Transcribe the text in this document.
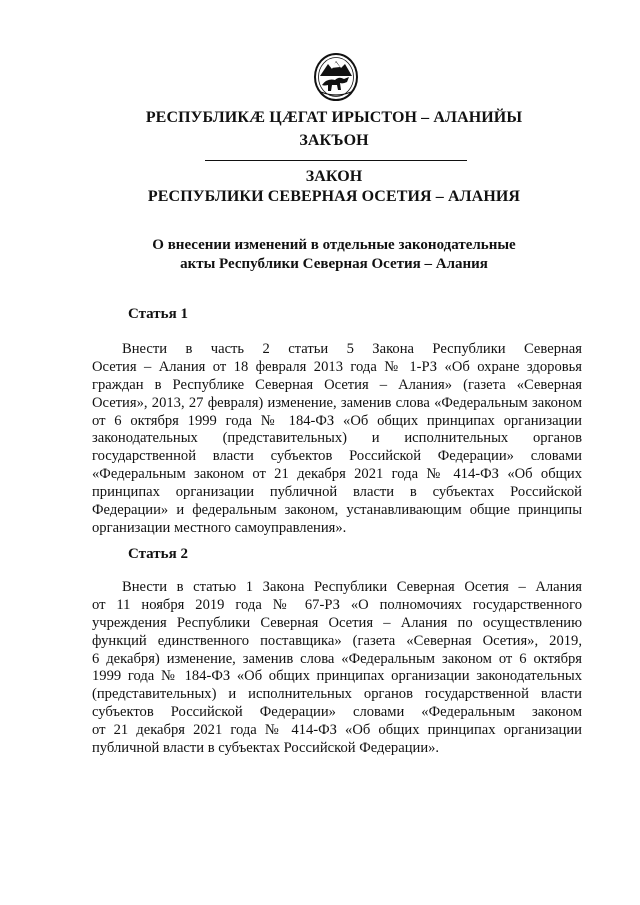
РЕСПУБЛИКӔ ЦӔГАТ ИРЫСТОН – АЛАНИЙЫ
ЗАКЪОН
ЗАКОН
РЕСПУБЛИКИ СЕВЕРНАЯ ОСЕТИЯ – АЛАНИЯ
О внесении изменений в отдельные законодательные
акты Республики Северная Осетия – Алания
Статья 1
Внести в часть 2 статьи 5 Закона Республики Северная
Осетия – Алания от 18 февраля 2013 года № 1-РЗ «Об охране здоровья
граждан в Республике Северная Осетия – Алания» (газета «Северная
Осетия», 2013, 27 февраля) изменение, заменив слова «Федеральным законом
от 6 октября 1999 года № 184-ФЗ «Об общих принципах организации
законодательных (представительных) и исполнительных органов
государственной власти субъектов Российской Федерации» словами
«Федеральным законом от 21 декабря 2021 года № 414-ФЗ «Об общих
принципах организации публичной власти в субъектах Российской
Федерации» и федеральным законом, устанавливающим общие принципы
организации местного самоуправления».
Статья 2
Внести в статью 1 Закона Республики Северная Осетия – Алания
от 11 ноября 2019 года № 67-РЗ «О полномочиях государственного
учреждения Республики Северная Осетия – Алания по осуществлению
функций единственного поставщика» (газета «Северная Осетия», 2019,
6 декабря) изменение, заменив слова «Федеральным законом от 6 октября
1999 года № 184-ФЗ «Об общих принципах организации законодательных
(представительных) и исполнительных органов государственной власти
субъектов Российской Федерации» словами «Федеральным законом
от 21 декабря 2021 года № 414-ФЗ «Об общих принципах организации
публичной власти в субъектах Российской Федерации».
